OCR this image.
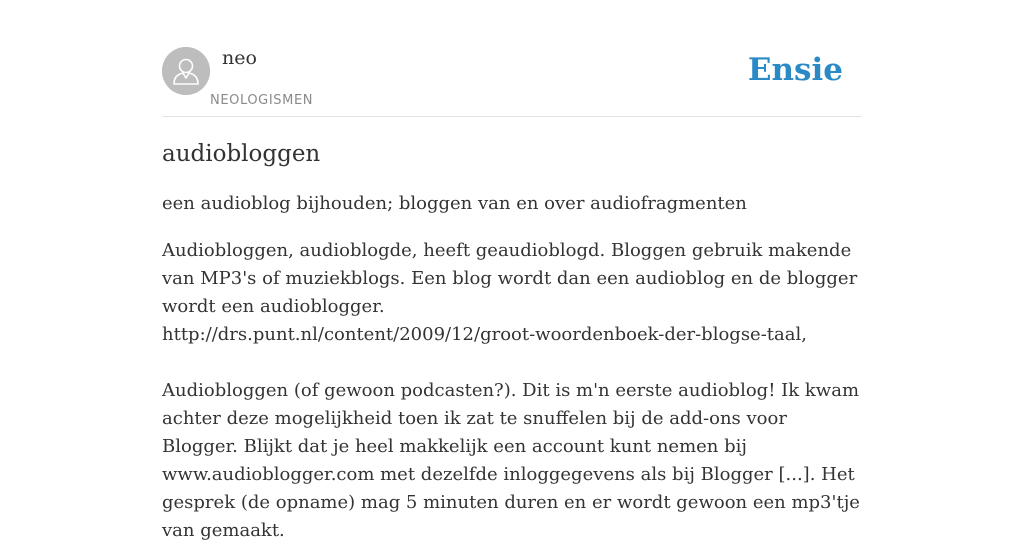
neo
NEOLOGISMEN
Ensie
audiobloggen

een audioblog bijhouden; bloggen van en over audiofragmenten

Audiobloggen, audioblogde, heeft geaudioblogd. Bloggen gebruik makende van MP3's of muziekblogs. Een blog wordt dan een audioblog en de blogger wordt een audioblogger.
http://drs.punt.nl/content/2009/12/groot-woordenboek-der-blogse-taal,

Audiobloggen (of gewoon podcasten?). Dit is m'n eerste audioblog! Ik kwam achter deze mogelijkheid toen ik zat te snuffelen bij de add-ons voor Blogger. Blijkt dat je heel makkelijk een account kunt nemen bij www.audioblogger.com met dezelfde inloggegevens als bij Blogger [...]. Het gesprek (de opname) mag 5 minuten duren en er wordt gewoon een mp3'tje van gemaakt.
